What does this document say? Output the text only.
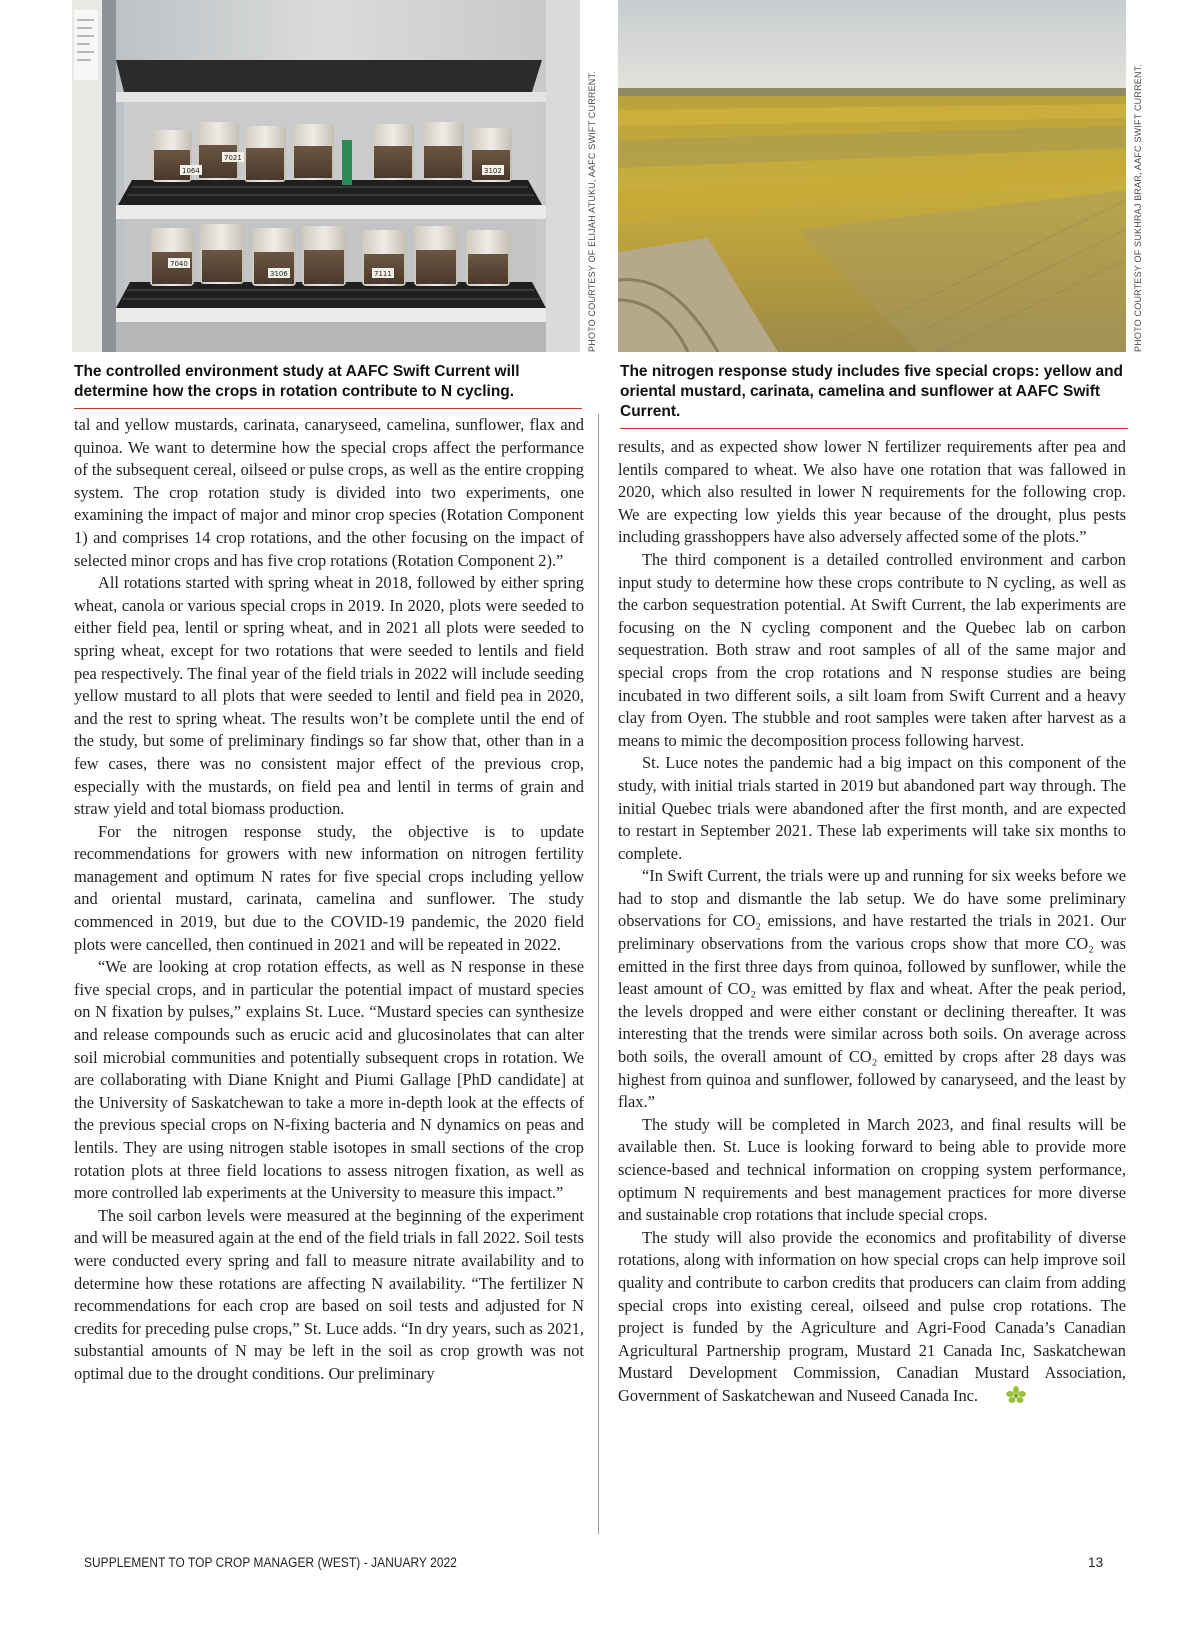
1064
7021
3102
7040
3106	7111	PHOTO COURTESY OF ELIJAH ATUKU, AAFC SWIFT CURRENT.	PHOTO COURTESY OF SUKHRAJ BRAR, AAFC SWIFT CURRENT.
The controlled environment study at AAFC Swift Current will determine how the crops in rotation contribute to N cycling.
The nitrogen response study includes five special crops: yellow and oriental mustard, carinata, camelina and sunflower at AAFC Swift Current.

tal and yellow mustards, carinata, canaryseed, camelina, sunflower, flax and quinoa. We want to determine how the special crops affect the performance of the subsequent cereal, oilseed or pulse crops, as well as the entire cropping system. The crop rotation study is divided into two experiments, one examining the impact of major and minor crop species (Rotation Component 1) and comprises 14 crop rotations, and the other focusing on the impact of selected minor crops and has five crop rotations (Rotation Component 2).”

All rotations started with spring wheat in 2018, followed by either spring wheat, canola or various special crops in 2019. In 2020, plots were seeded to either field pea, lentil or spring wheat, and in 2021 all plots were seeded to spring wheat, except for two rotations that were seeded to lentils and field pea respectively. The final year of the field trials in 2022 will include seeding yellow mustard to all plots that were seeded to lentil and field pea in 2020, and the rest to spring wheat. The results won’t be complete until the end of the study, but some of preliminary findings so far show that, other than in a few cases, there was no consistent major effect of the previous crop, especially with the mustards, on field pea and lentil in terms of grain and straw yield and total biomass production.

For the nitrogen response study, the objective is to update recommendations for growers with new information on nitrogen fertility management and optimum N rates for five special crops including yellow and oriental mustard, carinata, camelina and sunflower. The study commenced in 2019, but due to the COVID-19 pandemic, the 2020 field plots were cancelled, then continued in 2021 and will be repeated in 2022.

“We are looking at crop rotation effects, as well as N response in these five special crops, and in particular the potential impact of mustard species on N fixation by pulses,” explains St. Luce. “Mustard species can synthesize and release compounds such as erucic acid and glucosinolates that can alter soil microbial communities and potentially subsequent crops in rotation. We are collaborating with Diane Knight and Piumi Gallage [PhD candidate] at the University of Saskatchewan to take a more in-depth look at the effects of the previous special crops on N-fixing bacteria and N dynamics on peas and lentils. They are using nitrogen stable isotopes in small sections of the crop rotation plots at three field locations to assess nitrogen fixation, as well as more controlled lab experiments at the University to measure this impact.”

The soil carbon levels were measured at the beginning of the experiment and will be measured again at the end of the field trials in fall 2022. Soil tests were conducted every spring and fall to measure nitrate availability and to determine how these rotations are affecting N availability. “The fertilizer N recommendations for each crop are based on soil tests and adjusted for N credits for preceding pulse crops,” St. Luce adds. “In dry years, such as 2021, substantial amounts of N may be left in the soil as crop growth was not optimal due to the drought conditions. Our preliminary

results, and as expected show lower N fertilizer requirements after pea and lentils compared to wheat. We also have one rotation that was fallowed in 2020, which also resulted in lower N requirements for the following crop. We are expecting low yields this year because of the drought, plus pests including grasshoppers have also adversely affected some of the plots.”

The third component is a detailed controlled environment and carbon input study to determine how these crops contribute to N cycling, as well as the carbon sequestration potential. At Swift Current, the lab experiments are focusing on the N cycling component and the Quebec lab on carbon sequestration. Both straw and root samples of all of the same major and special crops from the crop rotations and N response studies are being incubated in two different soils, a silt loam from Swift Current and a heavy clay from Oyen. The stubble and root samples were taken after harvest as a means to mimic the decomposition process following harvest.

St. Luce notes the pandemic had a big impact on this component of the study, with initial trials started in 2019 but abandoned part way through. The initial Quebec trials were abandoned after the first month, and are expected to restart in September 2021. These lab experiments will take six months to complete.

“In Swift Current, the trials were up and running for six weeks before we had to stop and dismantle the lab setup. We do have some preliminary observations for CO₂ emissions, and have restarted the trials in 2021. Our preliminary observations from the various crops show that more CO₂ was emitted in the first three days from quinoa, followed by sunflower, while the least amount of CO₂ was emitted by flax and wheat. After the peak period, the levels dropped and were either constant or declining thereafter. It was interesting that the trends were similar across both soils. On average across both soils, the overall amount of CO₂ emitted by crops after 28 days was highest from quinoa and sunflower, followed by canaryseed, and the least by flax.”

The study will be completed in March 2023, and final results will be available then. St. Luce is looking forward to being able to provide more science-based and technical information on cropping system performance, optimum N requirements and best management practices for more diverse and sustainable crop rotations that include special crops.

The study will also provide the economics and profitability of diverse rotations, along with information on how special crops can help improve soil quality and contribute to carbon credits that producers can claim from adding special crops into existing cereal, oilseed and pulse crop rotations. The project is funded by the Agriculture and Agri-Food Canada’s Canadian Agricultural Partnership program, Mustard 21 Canada Inc, Saskatchewan Mustard Development Commission, Canadian Mustard Association, Government of Saskatchewan and Nuseed Canada Inc.

SUPPLEMENT TO TOP CROP MANAGER (WEST) - JANUARY 2022	13
